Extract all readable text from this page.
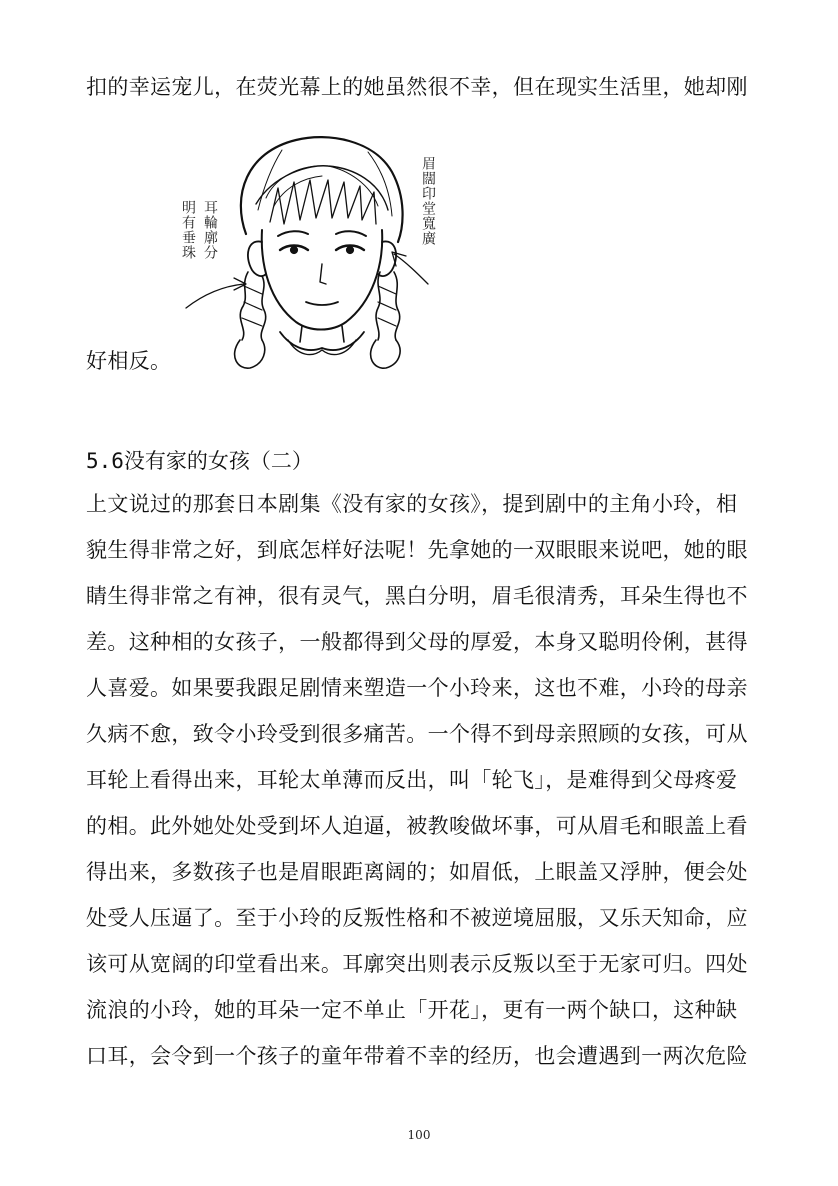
扣的幸运宠儿，在荧光幕上的她虽然很不幸，但在现实生活里，她却刚
耳輪廓分
明有垂珠	眉闊印堂寬廣
好相反。
5.6没有家的女孩（二）
上文说过的那套日本剧集《没有家的女孩》，提到剧中的主角小玲，相
貌生得非常之好，到底怎样好法呢！先拿她的一双眼眼来说吧，她的眼
睛生得非常之有神，很有灵气，黑白分明，眉毛很清秀，耳朵生得也不
差。这种相的女孩子，一般都得到父母的厚爱，本身又聪明伶俐，甚得
人喜爱。如果要我跟足剧情来塑造一个小玲来，这也不难，小玲的母亲
久病不愈，致令小玲受到很多痛苦。一个得不到母亲照顾的女孩，可从
耳轮上看得出来，耳轮太单薄而反出，叫「轮飞」，是难得到父母疼爱
的相。此外她处处受到坏人迫逼，被教唆做坏事，可从眉毛和眼盖上看
得出来，多数孩子也是眉眼距离阔的；如眉低，上眼盖又浮肿，便会处
处受人压逼了。至于小玲的反叛性格和不被逆境屈服，又乐天知命，应
该可从宽阔的印堂看出来。耳廓突出则表示反叛以至于无家可归。四处
流浪的小玲，她的耳朵一定不单止「开花」，更有一两个缺口，这种缺
口耳，会令到一个孩子的童年带着不幸的经历，也会遭遇到一两次危险
100
